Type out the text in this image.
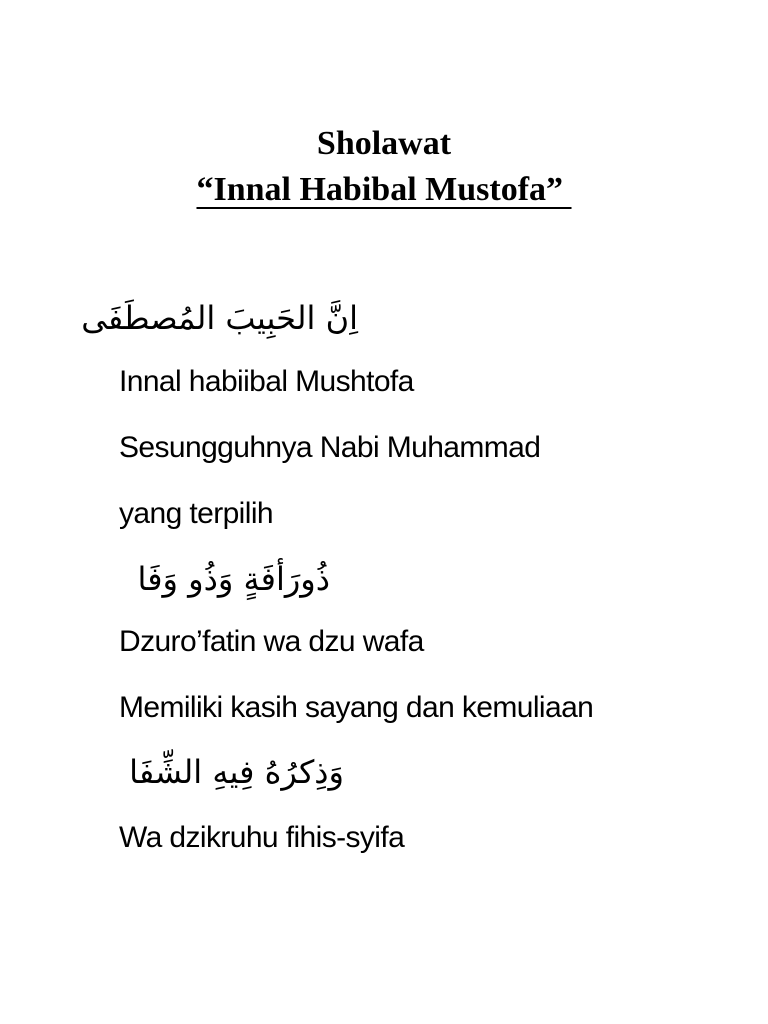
Sholawat
“Innal Habibal Mustofa”

اِنَّ الحَبِيبَ المُصطَفَى

Innal habiibal Mushtofa

Sesungguhnya Nabi Muhammad

yang terpilih

ذُورَأفَةٍ وَذُو وَفَا

Dzuro’fatin wa dzu wafa

Memiliki kasih sayang dan kemuliaan

وَذِكرُهُ فِيهِ الشِّفَا

Wa dzikruhu fihis-syifa
